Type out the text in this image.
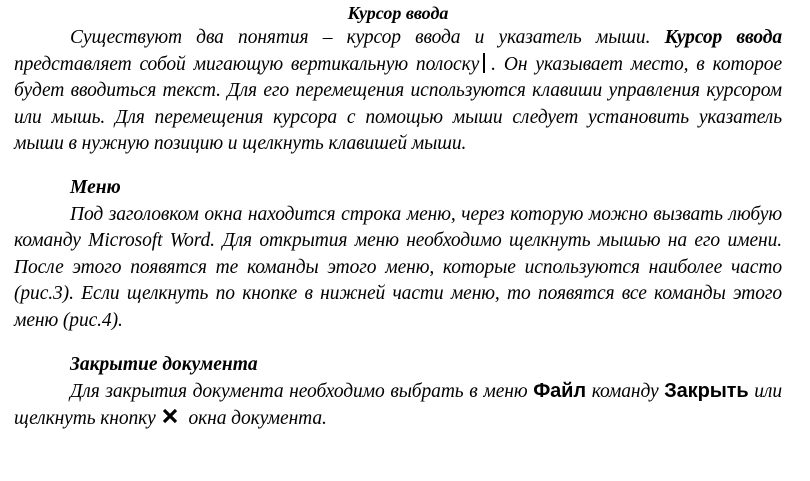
Курсор ввода

Существуют два понятия – курсор ввода и указатель мыши. Курсор ввода представляет собой мигающую вертикальную полоску . Он указывает место, в которое будет вводиться текст. Для его перемещения используются клавиши управления курсором или мышь. Для перемещения курсора с помощью мыши следует установить указатель мыши в нужную позицию и щелкнуть клавишей мыши.

Меню

Под заголовком окна находится строка меню, через которую можно вызвать любую команду Microsoft Word. Для открытия меню необходимо щелкнуть мышью на его имени. После этого появятся те команды этого меню, которые используются наиболее часто (рис.3). Если щелкнуть по кнопке в нижней части меню, то появятся все команды этого меню (рис.4).

Закрытие документа

Для закрытия документа необходимо выбрать в меню Файл команду Закрыть или щелкнуть кнопку окна документа.
